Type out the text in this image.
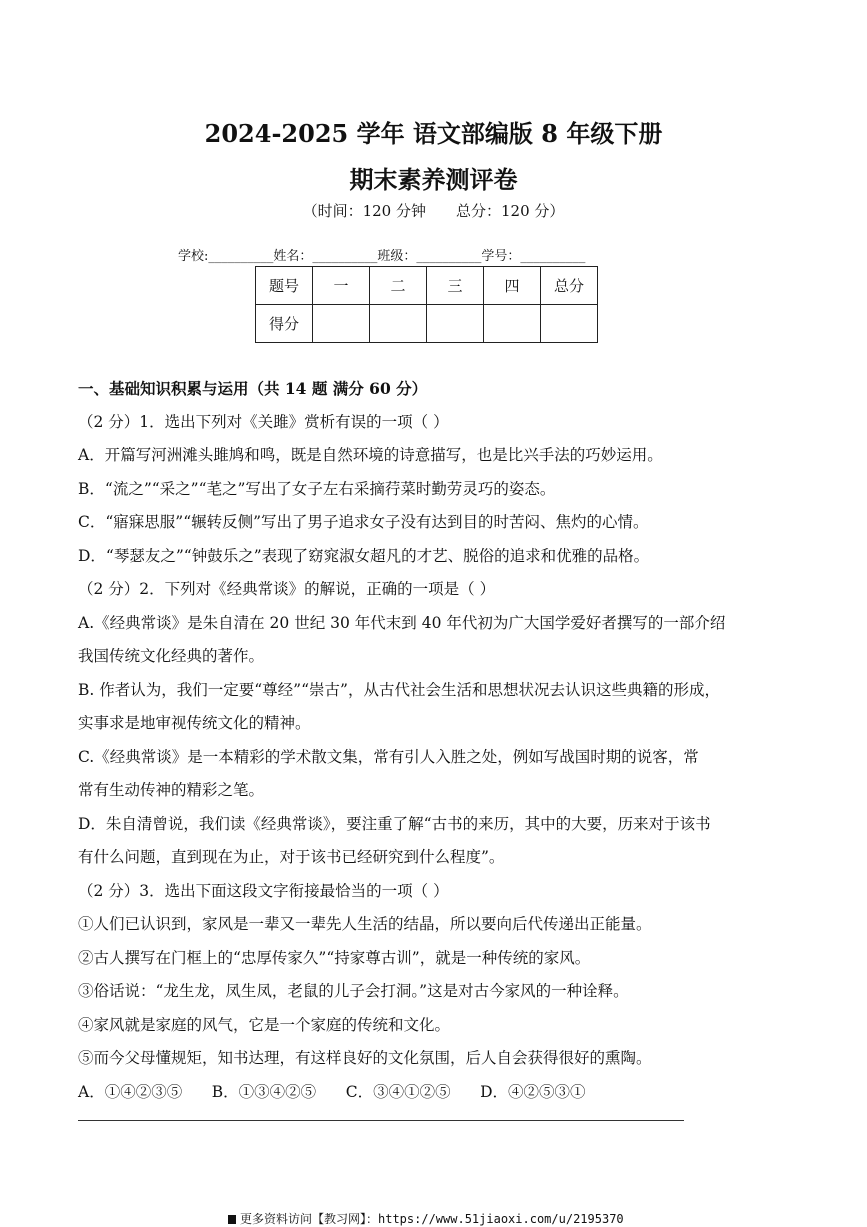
2024-2025 学年 语文部编版 8 年级下册
期末素养测评卷
（时间：120 分钟　　总分：120 分）
学校:__________姓名：__________班级：__________学号：__________
题号	一	二	三	四	总分
得分					
一、基础知识积累与运用（共 14 题 满分 60 分）
（2 分）1．选出下列对《关雎》赏析有误的一项（ ）
A．开篇写河洲滩头雎鸠和鸣，既是自然环境的诗意描写，也是比兴手法的巧妙运用。
B．“流之”“采之”“芼之”写出了女子左右采摘荇菜时勤劳灵巧的姿态。
C．“寤寐思服”“辗转反侧”写出了男子追求女子没有达到目的时苦闷、焦灼的心情。
D．“琴瑟友之”“钟鼓乐之”表现了窈窕淑女超凡的才艺、脱俗的追求和优雅的品格。
（2 分）2．下列对《经典常谈》的解说，正确的一项是（ ）
A.《经典常谈》是朱自清在 20 世纪 30 年代末到 40 年代初为广大国学爱好者撰写的一部介绍
我国传统文化经典的著作。
B. 作者认为，我们一定要“尊经”“崇古”，从古代社会生活和思想状况去认识这些典籍的形成，
实事求是地审视传统文化的精神。
C.《经典常谈》是一本精彩的学术散文集，常有引人入胜之处，例如写战国时期的说客，常
常有生动传神的精彩之笔。
D．朱自清曾说，我们读《经典常谈》，要注重了解“古书的来历，其中的大要，历来对于该书
有什么问题，直到现在为止，对于该书已经研究到什么程度”。
（2 分）3．选出下面这段文字衔接最恰当的一项（ ）
①人们已认识到，家风是一辈又一辈先人生活的结晶，所以要向后代传递出正能量。
②古人撰写在门框上的“忠厚传家久”“持家尊古训”，就是一种传统的家风。
③俗话说：“龙生龙，凤生凤，老鼠的儿子会打洞。”这是对古今家风的一种诠释。
④家风就是家庭的风气，它是一个家庭的传统和文化。
⑤而今父母懂规矩，知书达理，有这样良好的文化氛围，后人自会获得很好的熏陶。
A．①④②③⑤      B．①③④②⑤      C．③④①②⑤      D．④②⑤③①
更多资料访问【教习网】：https://www.51jiaoxi.com/u/2195370
